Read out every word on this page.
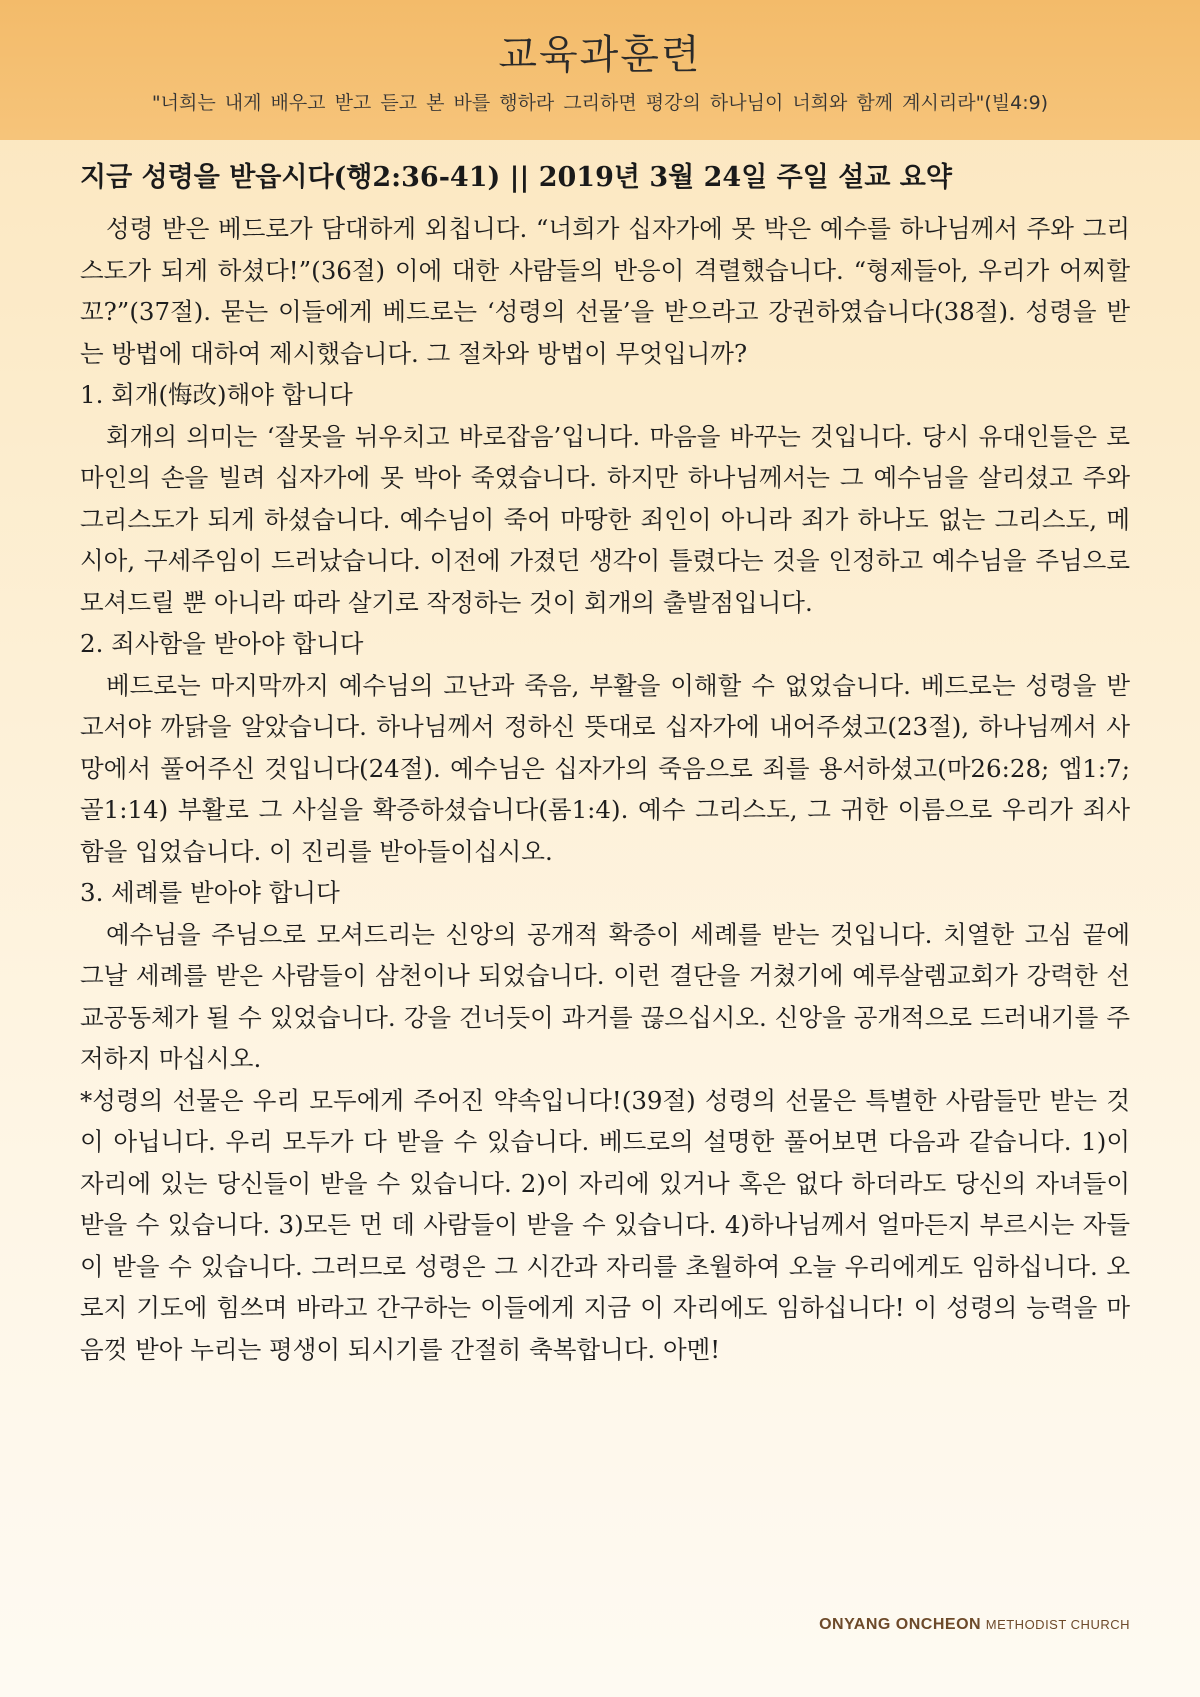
교육과훈련
"너희는 내게 배우고 받고 듣고 본 바를 행하라 그리하면 평강의 하나님이 너희와 함께 계시리라"(빌4:9)
지금 성령을 받읍시다(행2:36-41) || 2019년 3월 24일 주일 설교 요약

성령 받은 베드로가 담대하게 외칩니다. “너희가 십자가에 못 박은 예수를 하나님께서 주와 그리스도가 되게 하셨다!”(36절) 이에 대한 사람들의 반응이 격렬했습니다. “형제들아, 우리가 어찌할꼬?”(37절). 묻는 이들에게 베드로는 ‘성령의 선물’을 받으라고 강권하였습니다(38절). 성령을 받는 방법에 대하여 제시했습니다. 그 절차와 방법이 무엇입니까?

1. 회개(悔改)해야 합니다

회개의 의미는 ‘잘못을 뉘우치고 바로잡음’입니다. 마음을 바꾸는 것입니다. 당시 유대인들은 로마인의 손을 빌려 십자가에 못 박아 죽였습니다. 하지만 하나님께서는 그 예수님을 살리셨고 주와 그리스도가 되게 하셨습니다. 예수님이 죽어 마땅한 죄인이 아니라 죄가 하나도 없는 그리스도, 메시아, 구세주임이 드러났습니다. 이전에 가졌던 생각이 틀렸다는 것을 인정하고 예수님을 주님으로 모셔드릴 뿐 아니라 따라 살기로 작정하는 것이 회개의 출발점입니다.

2. 죄사함을 받아야 합니다

베드로는 마지막까지 예수님의 고난과 죽음, 부활을 이해할 수 없었습니다. 베드로는 성령을 받고서야 까닭을 알았습니다. 하나님께서 정하신 뜻대로 십자가에 내어주셨고(23절), 하나님께서 사망에서 풀어주신 것입니다(24절). 예수님은 십자가의 죽음으로 죄를 용서하셨고(마26:28; 엡1:7; 골1:14) 부활로 그 사실을 확증하셨습니다(롬1:4). 예수 그리스도, 그 귀한 이름으로 우리가 죄사함을 입었습니다. 이 진리를 받아들이십시오.

3. 세례를 받아야 합니다

예수님을 주님으로 모셔드리는 신앙의 공개적 확증이 세례를 받는 것입니다. 치열한 고심 끝에 그날 세례를 받은 사람들이 삼천이나 되었습니다. 이런 결단을 거쳤기에 예루살렘교회가 강력한 선교공동체가 될 수 있었습니다. 강을 건너듯이 과거를 끊으십시오. 신앙을 공개적으로 드러내기를 주저하지 마십시오.

*성령의 선물은 우리 모두에게 주어진 약속입니다!(39절) 성령의 선물은 특별한 사람들만 받는 것이 아닙니다. 우리 모두가 다 받을 수 있습니다. 베드로의 설명한 풀어보면 다음과 같습니다. 1)이 자리에 있는 당신들이 받을 수 있습니다. 2)이 자리에 있거나 혹은 없다 하더라도 당신의 자녀들이 받을 수 있습니다. 3)모든 먼 데 사람들이 받을 수 있습니다. 4)하나님께서 얼마든지 부르시는 자들이 받을 수 있습니다. 그러므로 성령은 그 시간과 자리를 초월하여 오늘 우리에게도 임하십니다. 오로지 기도에 힘쓰며 바라고 간구하는 이들에게 지금 이 자리에도 임하십니다! 이 성령의 능력을 마음껏 받아 누리는 평생이 되시기를 간절히 축복합니다. 아멘!

ONYANG ONCHEON METHODIST CHURCH
